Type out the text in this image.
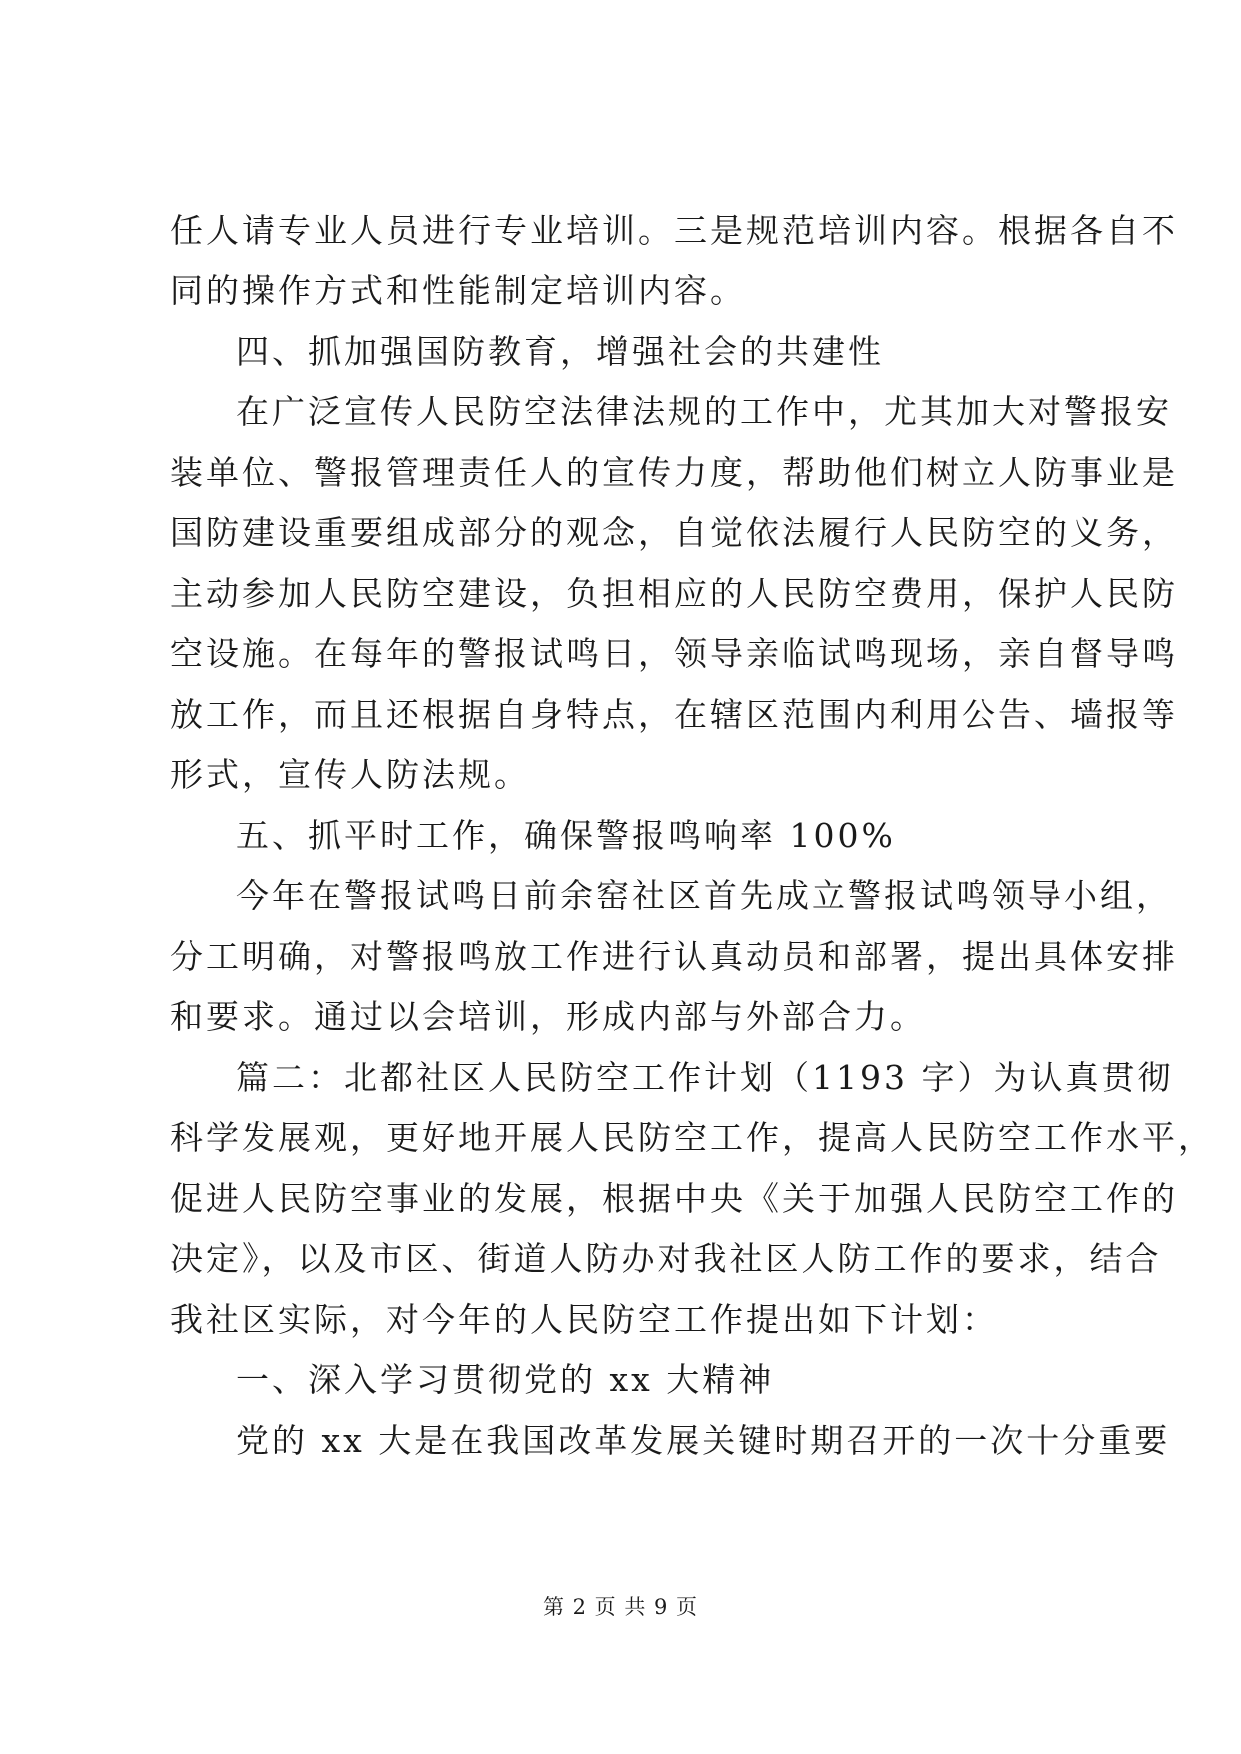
任人请专业人员进行专业培训。三是规范培训内容。根据各自不
同的操作方式和性能制定培训内容。
四、抓加强国防教育，增强社会的共建性
在广泛宣传人民防空法律法规的工作中，尤其加大对警报安
装单位、警报管理责任人的宣传力度，帮助他们树立人防事业是
国防建设重要组成部分的观念，自觉依法履行人民防空的义务，
主动参加人民防空建设，负担相应的人民防空费用，保护人民防
空设施。在每年的警报试鸣日，领导亲临试鸣现场，亲自督导鸣
放工作，而且还根据自身特点，在辖区范围内利用公告、墙报等
形式，宣传人防法规。
五、抓平时工作，确保警报鸣响率 100%
今年在警报试鸣日前余窑社区首先成立警报试鸣领导小组，
分工明确，对警报鸣放工作进行认真动员和部署，提出具体安排
和要求。通过以会培训，形成内部与外部合力。
篇二：北都社区人民防空工作计划（1193 字）为认真贯彻
科学发展观，更好地开展人民防空工作，提高人民防空工作水平，
促进人民防空事业的发展，根据中央《关于加强人民防空工作的
决定》，以及市区、街道人防办对我社区人防工作的要求，结合
我社区实际，对今年的人民防空工作提出如下计划：
一、深入学习贯彻党的 xx 大精神
党的 xx 大是在我国改革发展关键时期召开的一次十分重要
第 2 页 共 9 页
